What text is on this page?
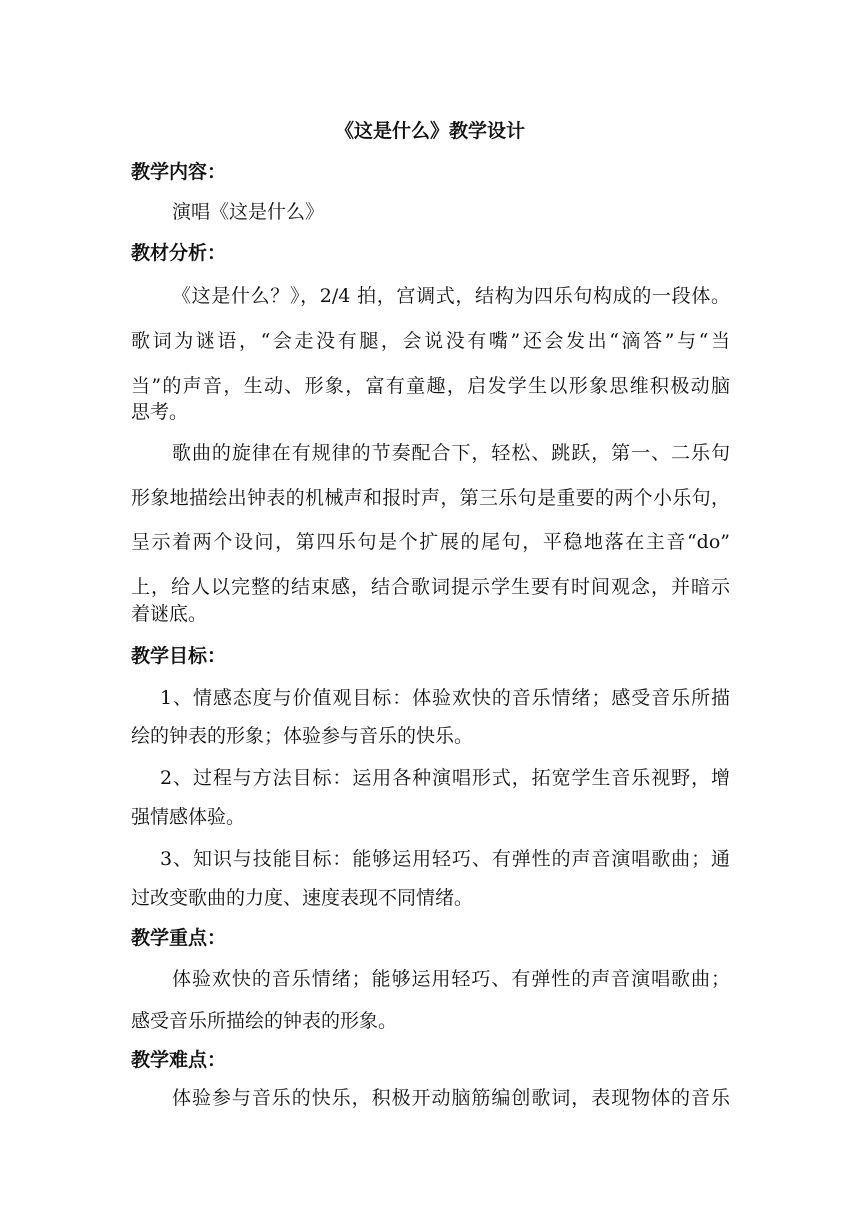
《这是什么》教学设计
教学内容：
演唱《这是什么》
教材分析：
《这是什么？》，2/4 拍，宫调式，结构为四乐句构成的一段体。
歌词为谜语，“会走没有腿，会说没有嘴”还会发出“滴答”与“当
当”的声音，生动、形象，富有童趣，启发学生以形象思维积极动脑
思考。
歌曲的旋律在有规律的节奏配合下，轻松、跳跃，第一、二乐句
形象地描绘出钟表的机械声和报时声，第三乐句是重要的两个小乐句，
呈示着两个设问，第四乐句是个扩展的尾句，平稳地落在主音“do”
上，给人以完整的结束感，结合歌词提示学生要有时间观念，并暗示
着谜底。
教学目标：
1、情感态度与价值观目标：体验欢快的音乐情绪；感受音乐所描
绘的钟表的形象；体验参与音乐的快乐。
2、过程与方法目标：运用各种演唱形式，拓宽学生音乐视野，增
强情感体验。
3、知识与技能目标：能够运用轻巧、有弹性的声音演唱歌曲；通
过改变歌曲的力度、速度表现不同情绪。
教学重点：
体验欢快的音乐情绪；能够运用轻巧、有弹性的声音演唱歌曲；
感受音乐所描绘的钟表的形象。
教学难点：
体验参与音乐的快乐，积极开动脑筋编创歌词，表现物体的音乐
